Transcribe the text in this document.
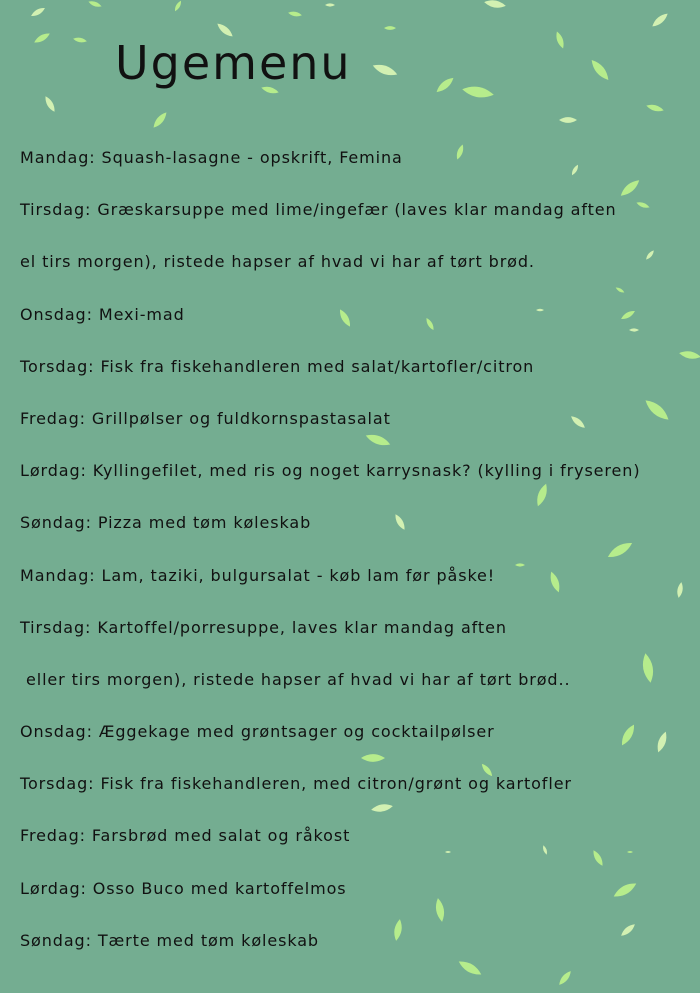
Ugemenu
Mandag: Squash-lasagne - opskrift, Femina
Tirsdag: Græskarsuppe med lime/ingefær (laves klar mandag aften
el tirs morgen), ristede hapser af hvad vi har af tørt brød.
Onsdag: Mexi-mad
Torsdag: Fisk fra fiskehandleren med salat/kartofler/citron
Fredag: Grillpølser og fuldkornspastasalat
Lørdag: Kyllingefilet, med ris og noget karrysnask? (kylling i fryseren)
Søndag: Pizza med tøm køleskab
Mandag: Lam, taziki, bulgursalat - køb lam før påske!
Tirsdag: Kartoffel/porresuppe, laves klar mandag aften
eller tirs morgen), ristede hapser af hvad vi har af tørt brød..
Onsdag: Æggekage med grøntsager og cocktailpølser
Torsdag: Fisk fra fiskehandleren, med citron/grønt og kartofler
Fredag: Farsbrød med salat og råkost
Lørdag: Osso Buco med kartoffelmos
Søndag: Tærte med tøm køleskab
